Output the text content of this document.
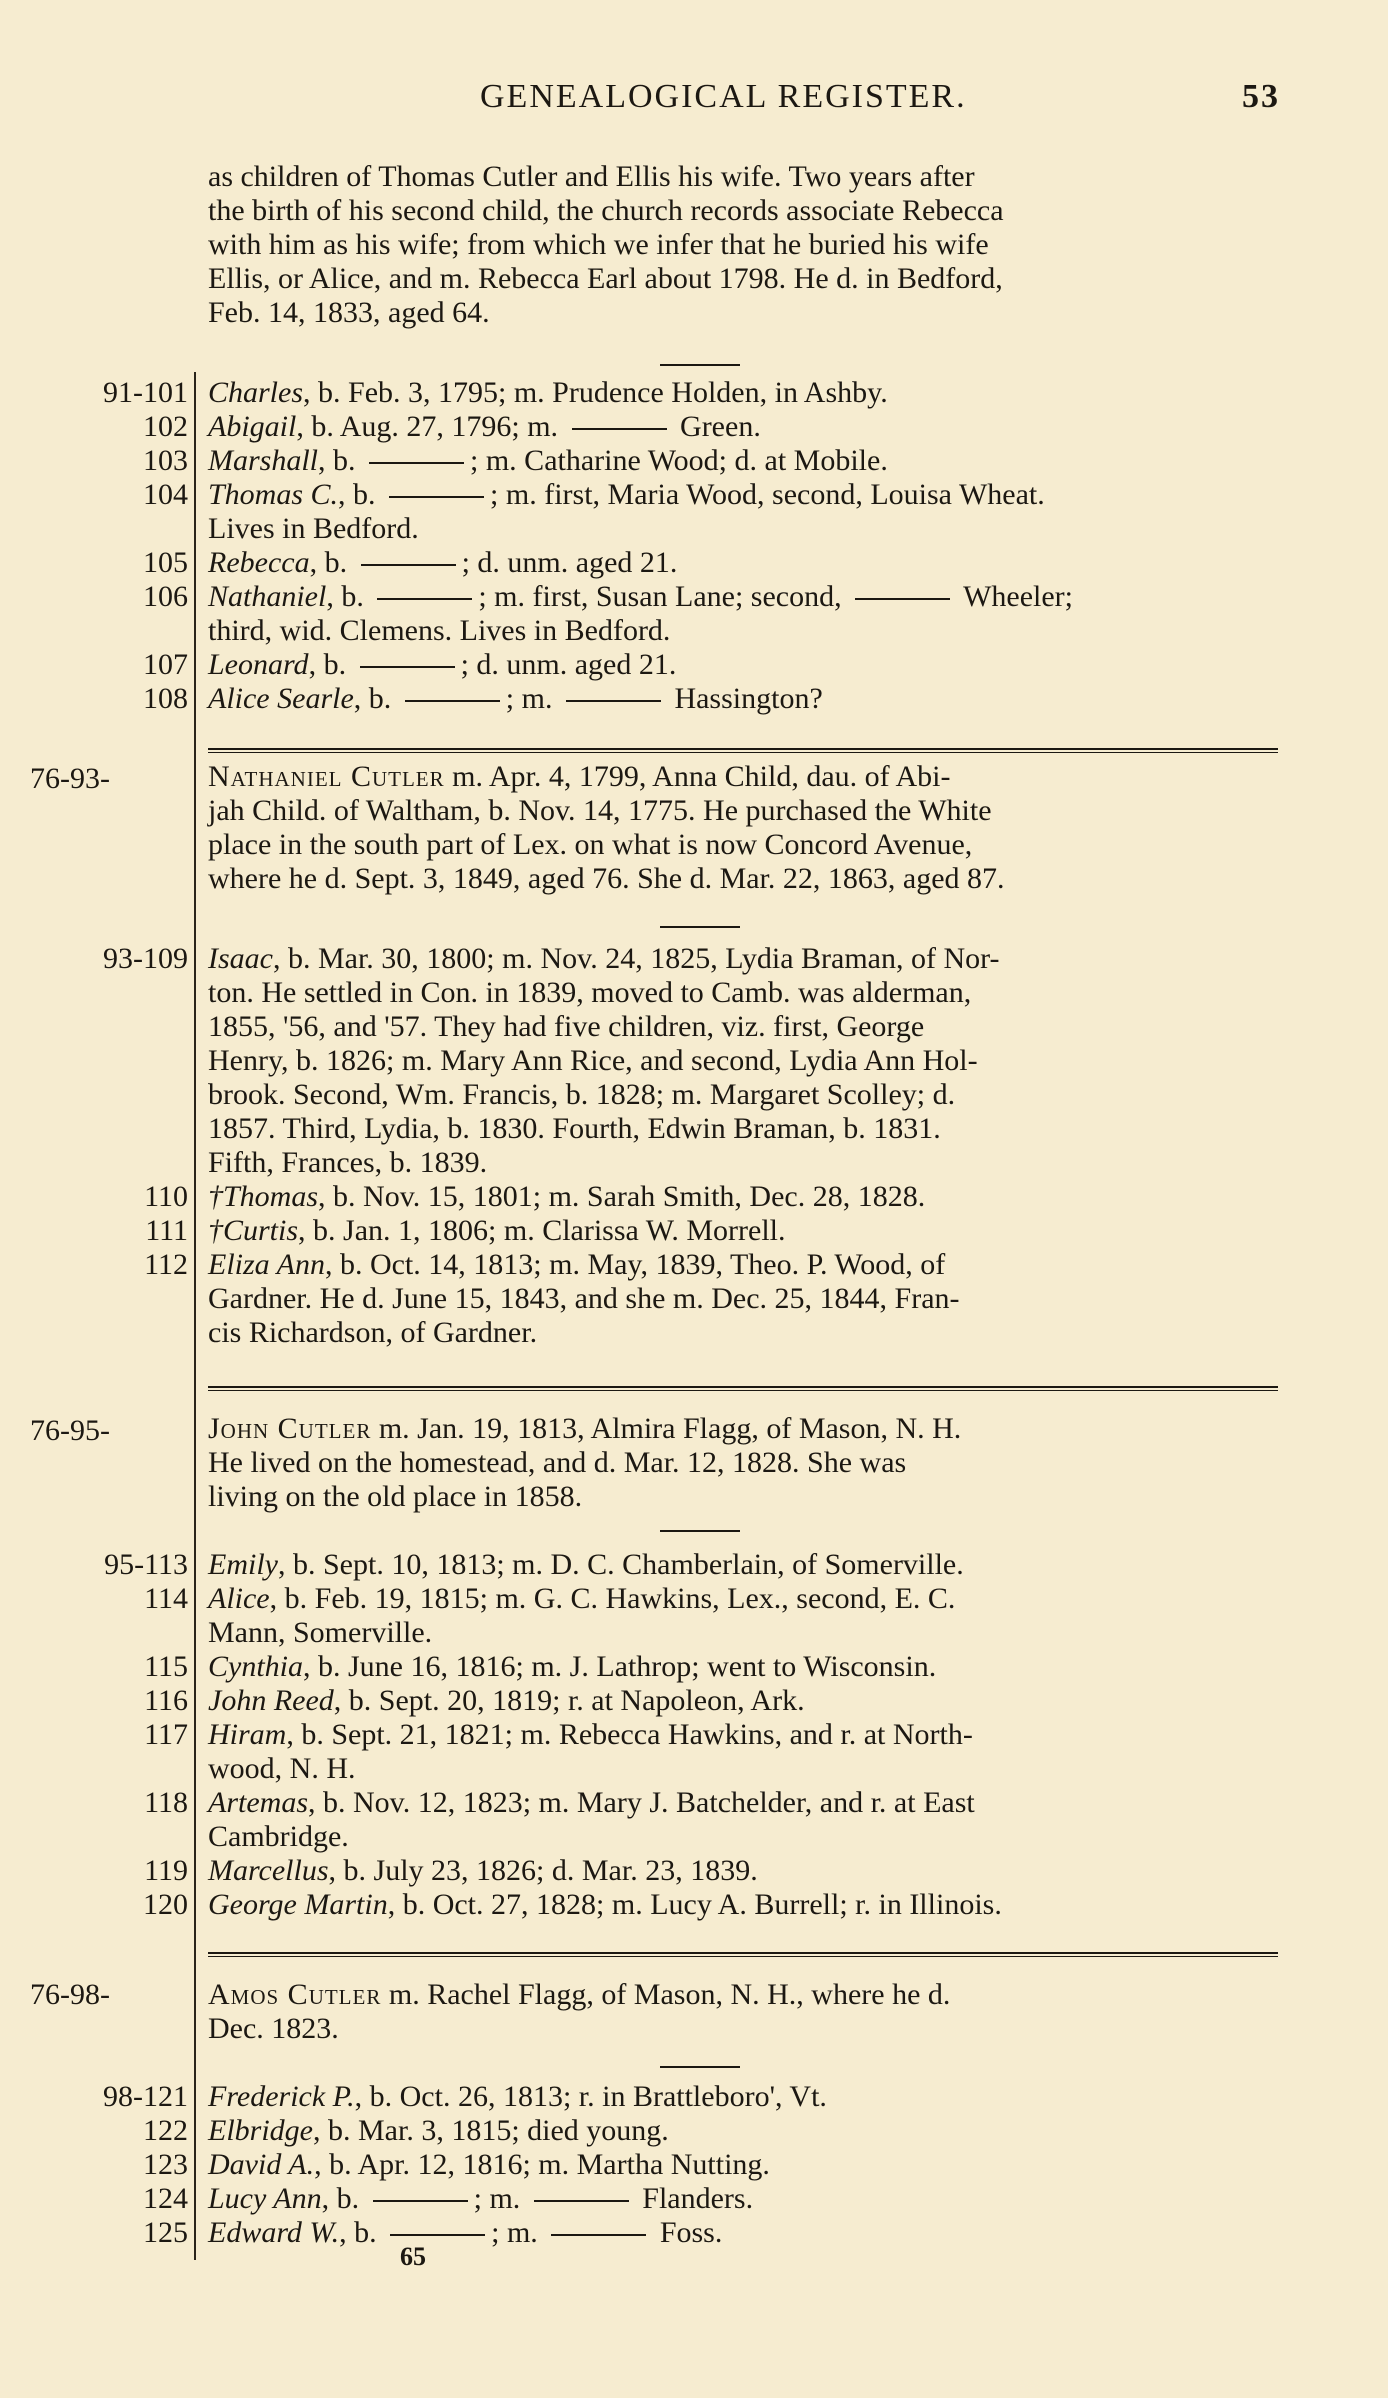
GENEALOGICAL REGISTER.	53
as children of Thomas Cutler and Ellis his wife. Two years after
the birth of his second child, the church records associate Rebecca
with him as his wife; from which we infer that he buried his wife
Ellis, or Alice, and m. Rebecca Earl about 1798. He d. in Bedford,
Feb. 14, 1833, aged 64.
91-101 Charles, b. Feb. 3, 1795; m. Prudence Holden, in Ashby.
102 Abigail, b. Aug. 27, 1796; m.	Green.
103 Marshall, b.	; m. Catharine Wood; d. at Mobile.
104 Thomas C., b.	; m. first, Maria Wood, second, Louisa Wheat.
Lives in Bedford.
105 Rebecca, b.	; d. unm. aged 21.
106 Nathaniel, b.	; m. first, Susan Lane; second,	Wheeler;
third, wid. Clemens. Lives in Bedford.
107 Leonard, b.	; d. unm. aged 21.
108 Alice Searle, b.	; m.	Hassington?
76-93-	Nathaniel Cutler m. Apr. 4, 1799, Anna Child, dau. of Abi-
jah Child. of Waltham, b. Nov. 14, 1775. He purchased the White
place in the south part of Lex. on what is now Concord Avenue,
where he d. Sept. 3, 1849, aged 76. She d. Mar. 22, 1863, aged 87.
93-109 Isaac, b. Mar. 30, 1800; m. Nov. 24, 1825, Lydia Braman, of Nor-
ton. He settled in Con. in 1839, moved to Camb. was alderman,
1855, '56, and '57. They had five children, viz. first, George
Henry, b. 1826; m. Mary Ann Rice, and second, Lydia Ann Hol-
brook. Second, Wm. Francis, b. 1828; m. Margaret Scolley; d.
1857. Third, Lydia, b. 1830. Fourth, Edwin Braman, b. 1831.
Fifth, Frances, b. 1839.
110 †Thomas, b. Nov. 15, 1801; m. Sarah Smith, Dec. 28, 1828.
111 †Curtis, b. Jan. 1, 1806; m. Clarissa W. Morrell.
112 Eliza Ann, b. Oct. 14, 1813; m. May, 1839, Theo. P. Wood, of
Gardner. He d. June 15, 1843, and she m. Dec. 25, 1844, Fran-
cis Richardson, of Gardner.
76-95-	John Cutler m. Jan. 19, 1813, Almira Flagg, of Mason, N. H.
He lived on the homestead, and d. Mar. 12, 1828. She was
living on the old place in 1858.
95-113 Emily, b. Sept. 10, 1813; m. D. C. Chamberlain, of Somerville.
114 Alice, b. Feb. 19, 1815; m. G. C. Hawkins, Lex., second, E. C.
Mann, Somerville.
115 Cynthia, b. June 16, 1816; m. J. Lathrop; went to Wisconsin.
116 John Reed, b. Sept. 20, 1819; r. at Napoleon, Ark.
117 Hiram, b. Sept. 21, 1821; m. Rebecca Hawkins, and r. at North-
wood, N. H.
118 Artemas, b. Nov. 12, 1823; m. Mary J. Batchelder, and r. at East
Cambridge.
119 Marcellus, b. July 23, 1826; d. Mar. 23, 1839.
120 George Martin, b. Oct. 27, 1828; m. Lucy A. Burrell; r. in Illinois.
76-98-	Amos Cutler m. Rachel Flagg, of Mason, N. H., where he d.
Dec. 1823.
98-121 Frederick P., b. Oct. 26, 1813; r. in Brattleboro', Vt.
122 Elbridge, b. Mar. 3, 1815; died young.
123 David A., b. Apr. 12, 1816; m. Martha Nutting.
124 Lucy Ann, b.	; m.	Flanders.
125 Edward W., b.	; m.	Foss.
65
